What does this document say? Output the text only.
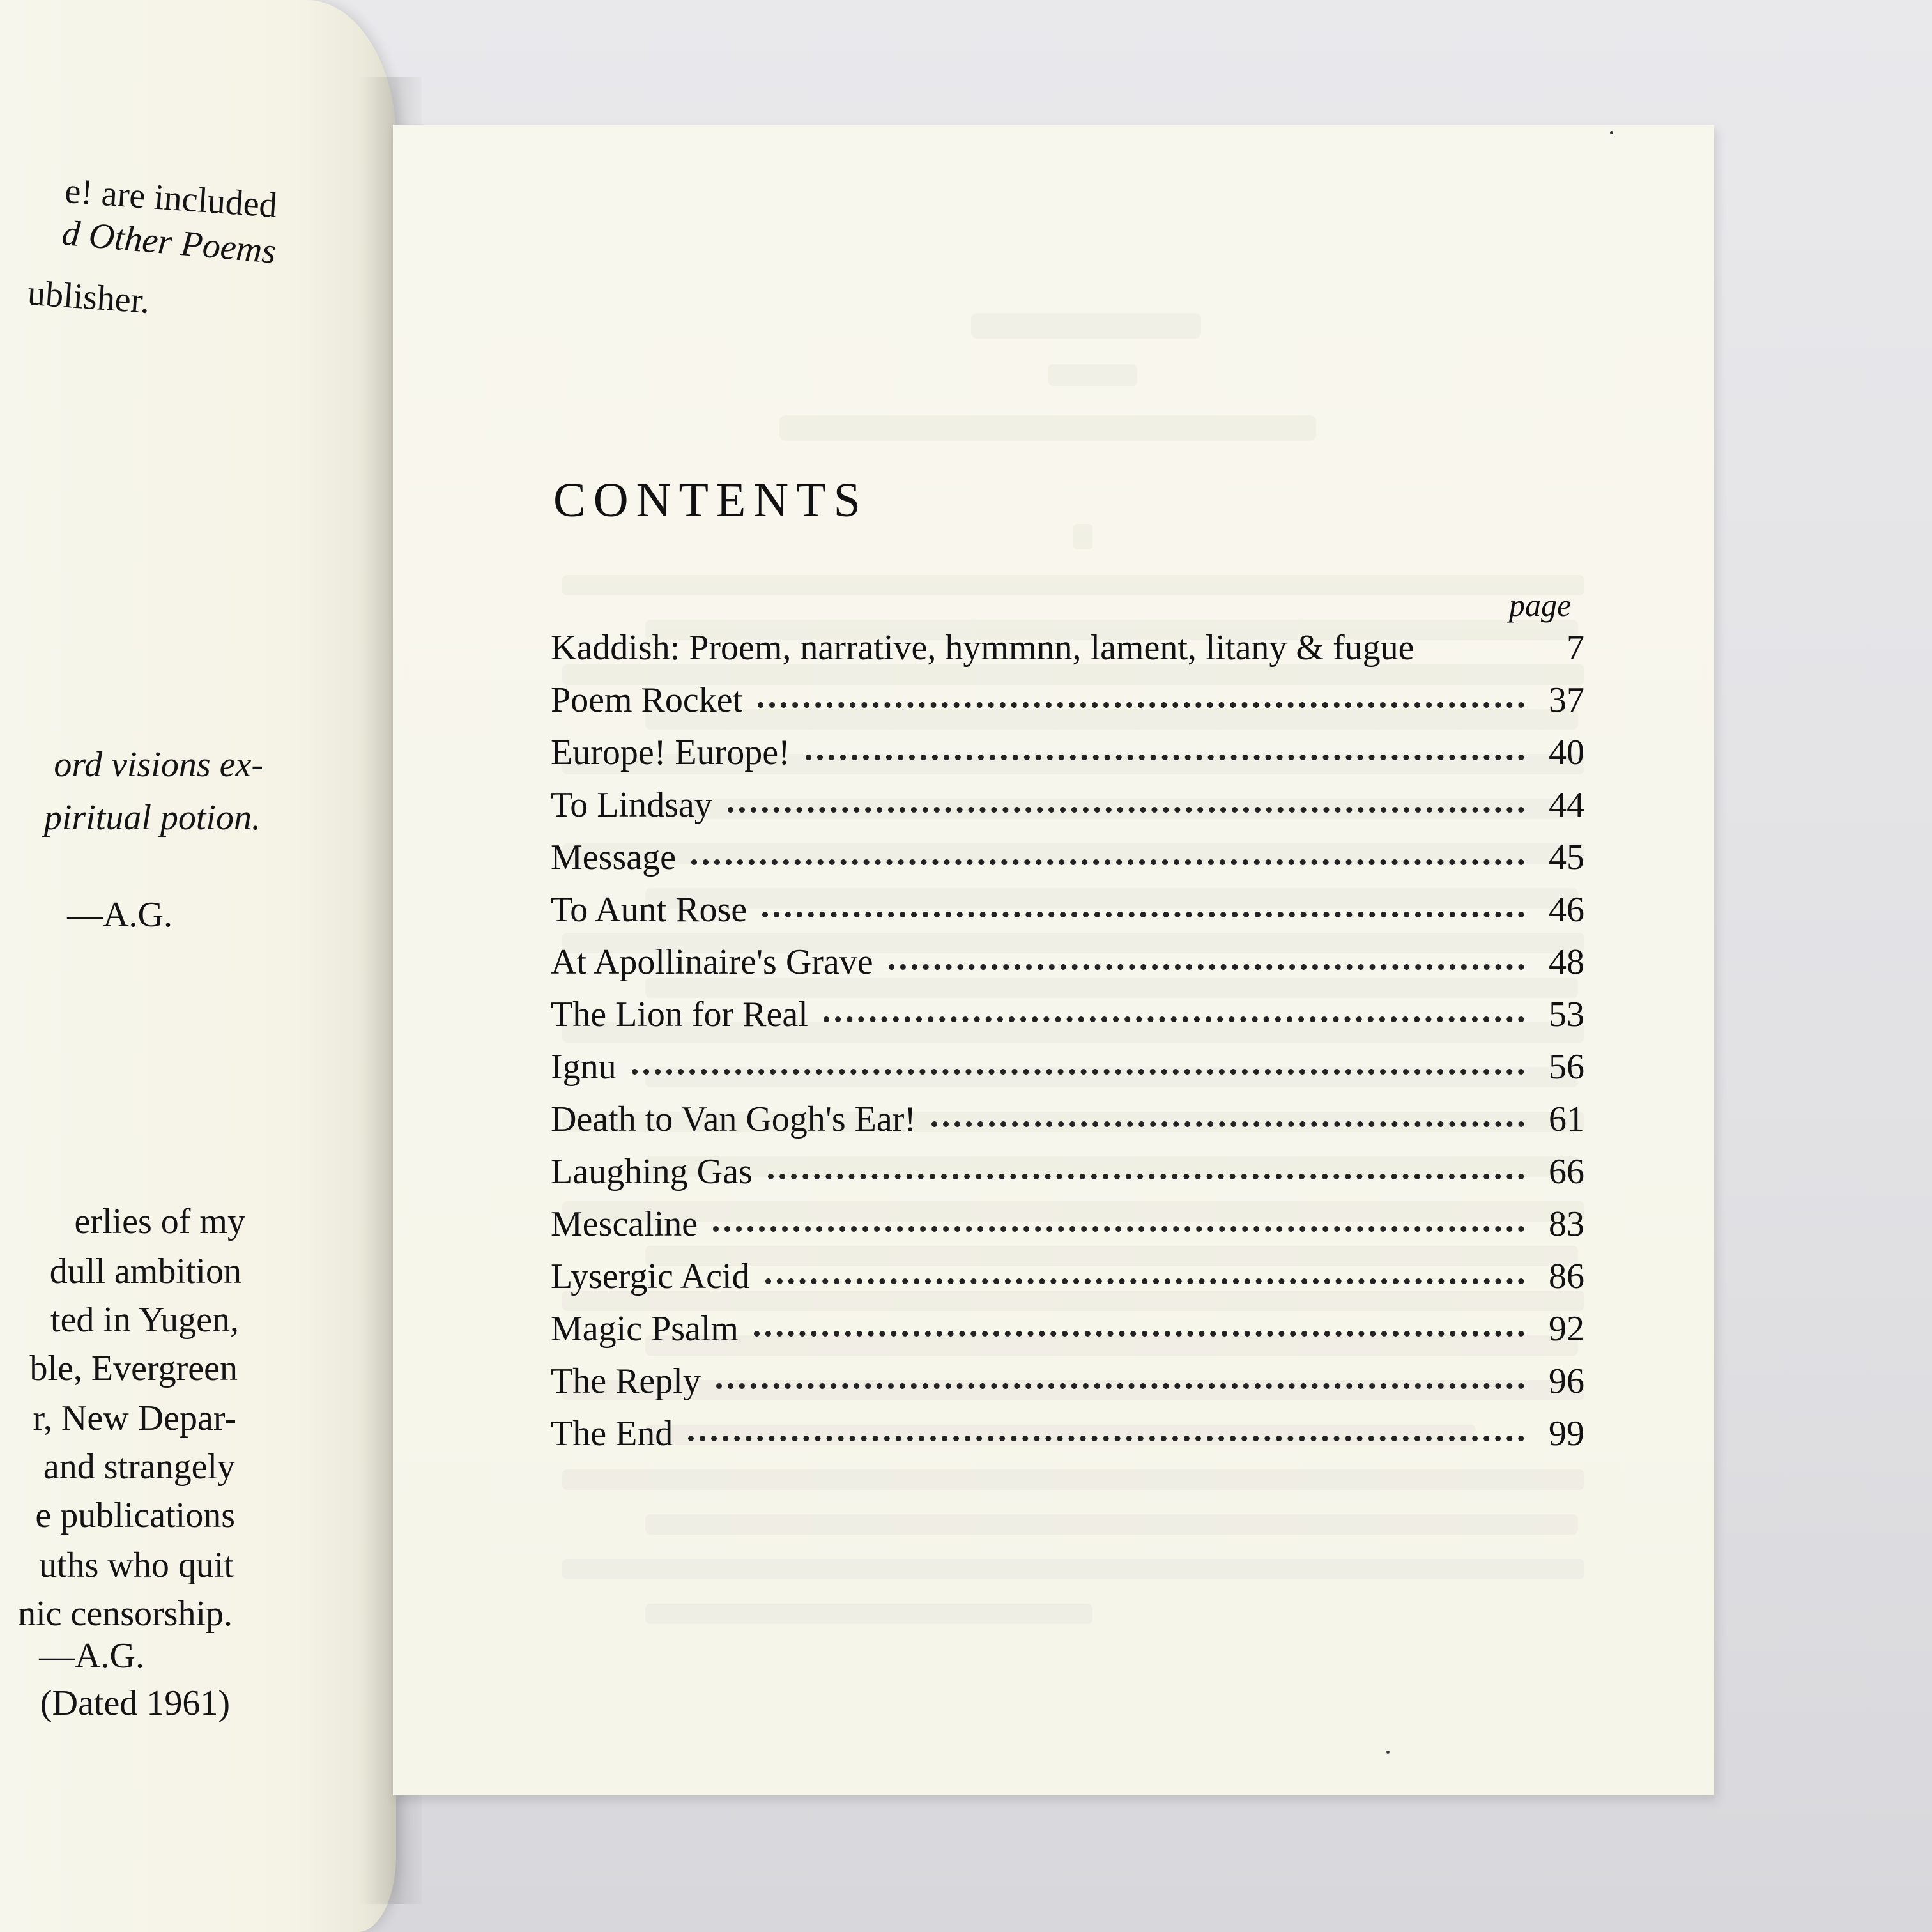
e! are included
d Other Poems
ublisher.
ord visions ex-
piritual potion.
—A.G.
erlies of my
dull ambition
ted in Yugen,
ble, Evergreen
r, New Depar-
and strangely
e publications
uths who quit
nic censorship.
—A.G.
(Dated 1961)
CONTENTS
page
Kaddish: Proem, narrative, hymmnn, lament, litany & fugue	7
Poem Rocket	37
Europe! Europe!	40
To Lindsay	44
Message	45
To Aunt Rose	46
At Apollinaire's Grave	48
The Lion for Real	53
Ignu	56
Death to Van Gogh's Ear!	61
Laughing Gas	66
Mescaline	83
Lysergic Acid	86
Magic Psalm	92
The Reply	96
The End	99
